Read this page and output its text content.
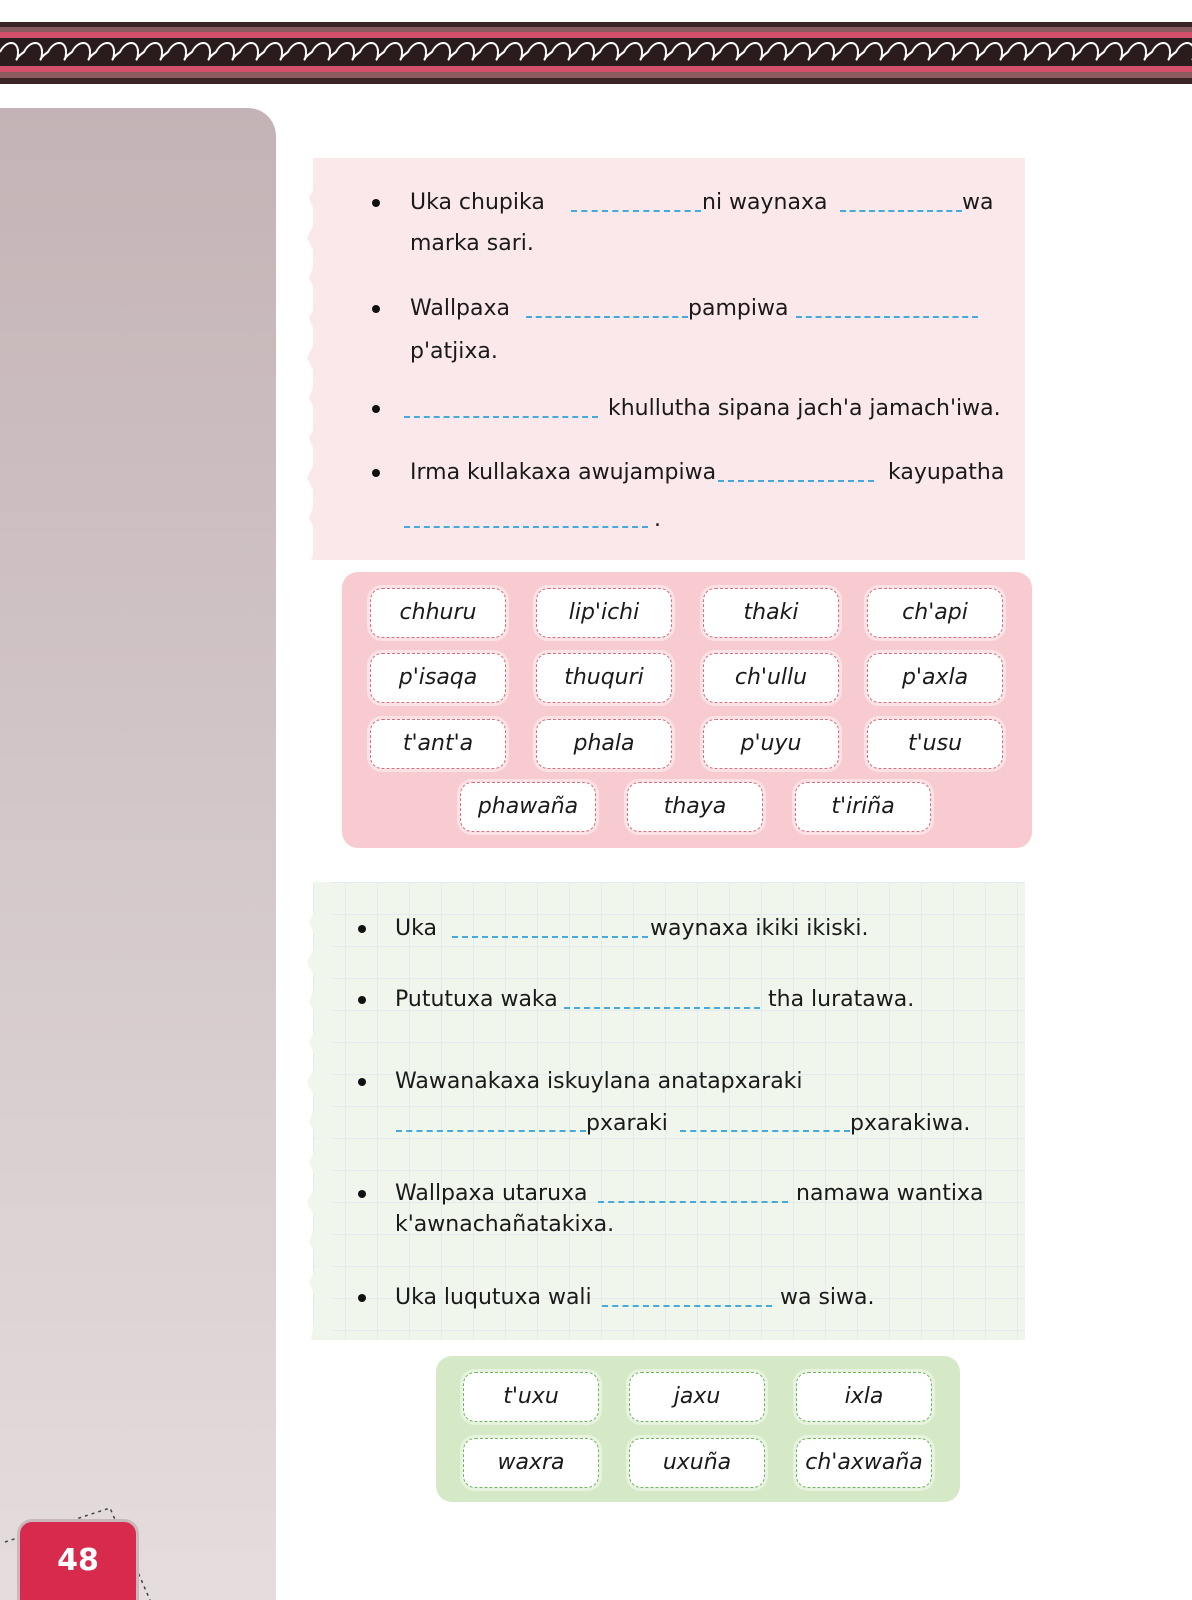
48
Uka chupika	ni waynaxa	wa
marka sari.
Wallpaxa	pampiwa
p'atjixa.
khullutha sipana jach'a jamach'iwa.
Irma kullakaxa awujampiwa	kayupatha
.
chhuru	lip'ichi	thaki	ch'api
p'isaqa	thuquri	ch'ullu	p'axla
t'ant'a	phala	p'uyu	t'usu
phawaña	thaya	t'iriña
Uka	waynaxa ikiki ikiski.
Pututuxa waka	tha luratawa.
Wawanakaxa iskuylana anatapxaraki
pxaraki	pxarakiwa.
Wallpaxa utaruxa	namawa wantixa
k'awnachañatakixa.
Uka luqutuxa wali	wa siwa.
t'uxu	jaxu	ixla
waxra	uxuña	ch'axwaña
